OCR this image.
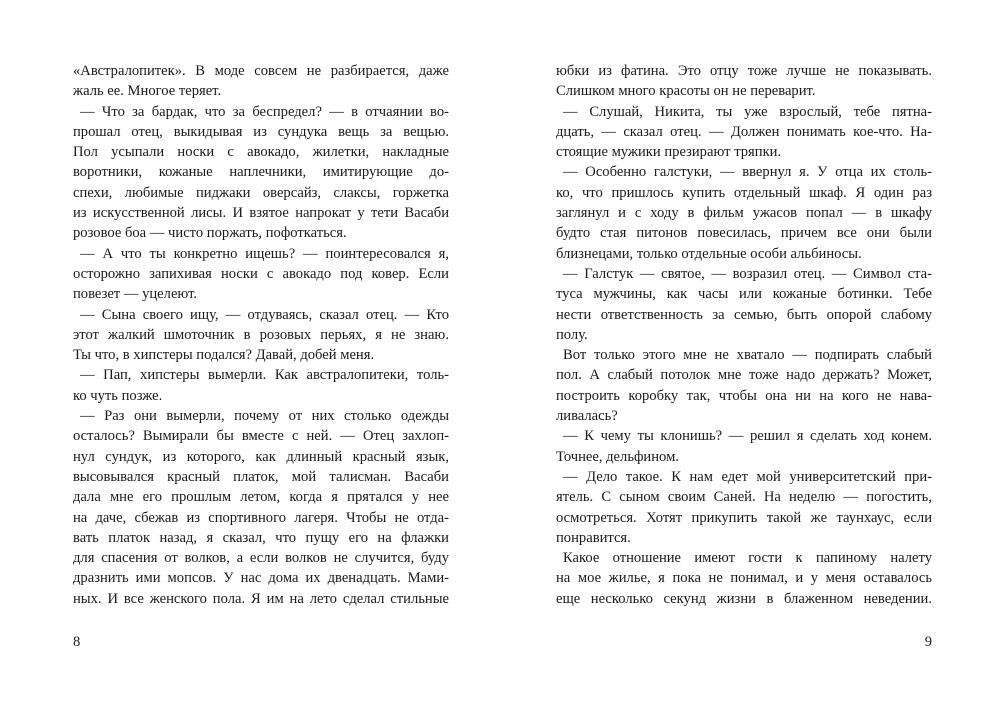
«Австралопитек». В моде совсем не разбирается, даже
жаль ее. Многое теряет.
— Что за бардак, что за беспредел? — в отчаянии во-
прошал отец, выкидывая из сундука вещь за вещью.
Пол усыпали носки с авокадо, жилетки, накладные
воротники, кожаные наплечники, имитирующие до-
спехи, любимые пиджаки оверсайз, слаксы, горжетка
из искусственной лисы. И взятое напрокат у тети Васаби
розовое боа — чисто поржать, пофоткаться.
— А что ты конкретно ищешь? — поинтересовался я,
осторожно запихивая носки с авокадо под ковер. Если
повезет — уцелеют.
— Сына своего ищу, — отдуваясь, сказал отец. — Кто
этот жалкий шмоточник в розовых перьях, я не знаю.
Ты что, в хипстеры подался? Давай, добей меня.
— Пап, хипстеры вымерли. Как австралопитеки, толь-
ко чуть позже.
— Раз они вымерли, почему от них столько одежды
осталось? Вымирали бы вместе с ней. — Отец захлоп-
нул сундук, из которого, как длинный красный язык,
высовывался красный платок, мой талисман. Васаби
дала мне его прошлым летом, когда я прятался у нее
на даче, сбежав из спортивного лагеря. Чтобы не отда-
вать платок назад, я сказал, что пущу его на флажки
для спасения от волков, а если волков не случится, буду
дразнить ими мопсов. У нас дома их двенадцать. Мами-
ных. И все женского пола. Я им на лето сделал стильные
8
юбки из фатина. Это отцу тоже лучше не показывать.
Слишком много красоты он не переварит.
— Слушай, Никита, ты уже взрослый, тебе пятна-
дцать, — сказал отец. — Должен понимать кое-что. На-
стоящие мужики презирают тряпки.
— Особенно галстуки, — ввернул я. У отца их столь-
ко, что пришлось купить отдельный шкаф. Я один раз
заглянул и с ходу в фильм ужасов попал — в шкафу
будто стая питонов повесилась, причем все они были
близнецами, только отдельные особи альбиносы.
— Галстук — святое, — возразил отец. — Символ ста-
туса мужчины, как часы или кожаные ботинки. Тебе
нести ответственность за семью, быть опорой слабому
полу.
Вот только этого мне не хватало — подпирать слабый
пол. А слабый потолок мне тоже надо держать? Может,
построить коробку так, чтобы она ни на кого не нава-
ливалась?
— К чему ты клонишь? — решил я сделать ход конем.
Точнее, дельфином.
— Дело такое. К нам едет мой университетский при-
ятель. С сыном своим Саней. На неделю — погостить,
осмотреться. Хотят прикупить такой же таунхаус, если
понравится.
Какое отношение имеют гости к папиному налету
на мое жилье, я пока не понимал, и у меня оставалось
еще несколько секунд жизни в блаженном неведении.
9
